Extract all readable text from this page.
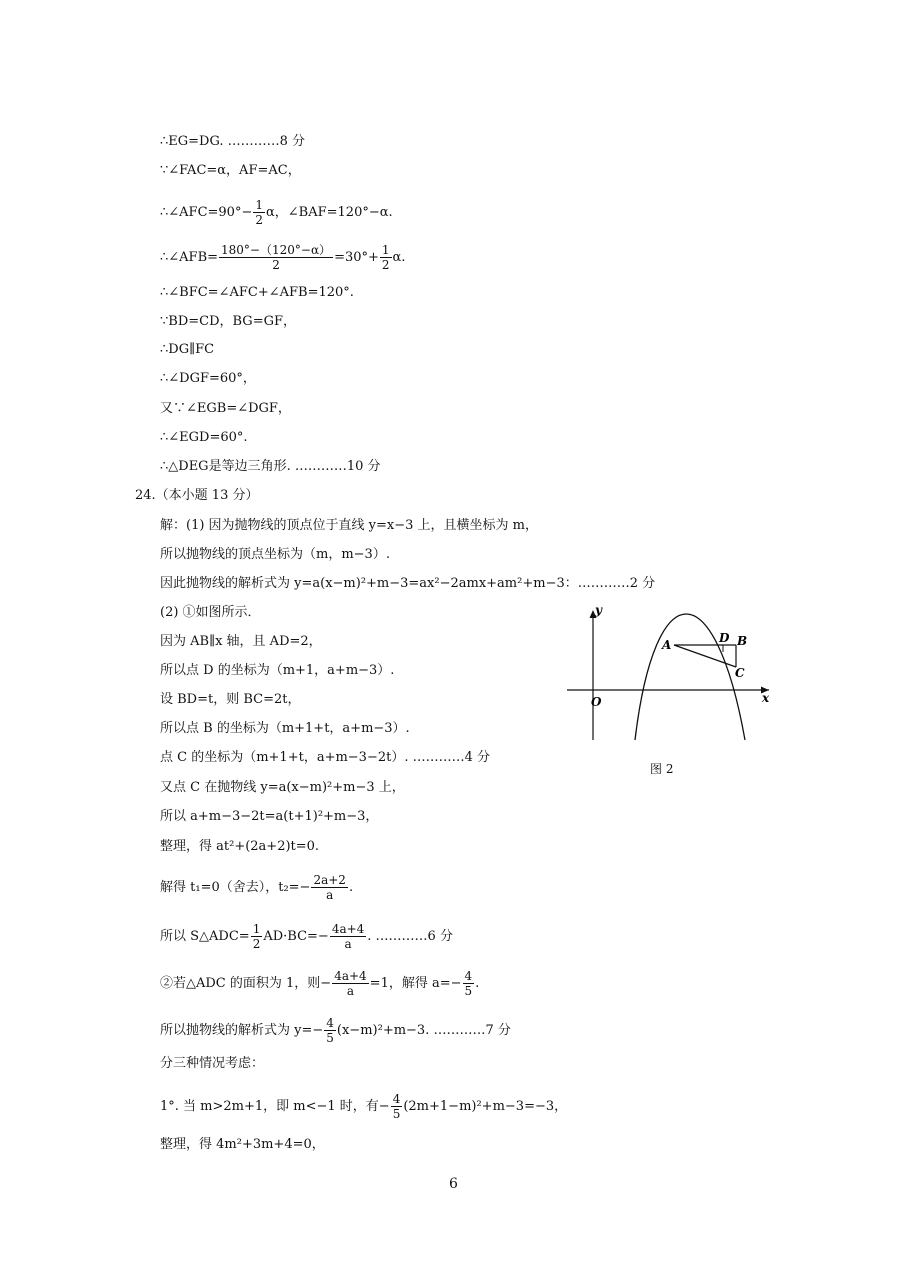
∴EG=DG. …………8 分
∵∠FAC=α，AF=AC，
∴∠AFC=90°− $\frac{1}{2}$ α，∠BAF=120°−α.
∴∠AFB= $\frac{180^\circ-(120^\circ-\alpha)}{2} =30^\circ+ \frac{1}{2} \alpha$.
∴∠BFC=∠AFC+∠AFB=120°.
∵BD=CD，BG=GF，
∴DG∥FC
∴∠DGF=60°，
又∵∠EGB=∠DGF，
∴∠EGD=60°.
∴△DEG是等边三角形. …………10 分
24.（本小题 13 分）
解：(1) 因为抛物线的顶点位于直线 y=x−3 上，且横坐标为 m，
所以抛物线的顶点坐标为（m，m−3）.
因此抛物线的解析式为 y=a(x−m)²+m−3=ax²−2amx+am²+m−3：…………2 分
(2) ①如图所示．
因为 AB∥x 轴，且 AD=2，
所以点 D 的坐标为（m+1，a+m−3）.
设 BD=t，则 BC=2t，
所以点 B 的坐标为（m+1+t，a+m−3）.
点 C 的坐标为（m+1+t，a+m−3−2t）. …………4 分
又点 C 在抛物线 y=a(x−m)²+m−3 上，
所以 a+m−3−2t=a(t+1)²+m−3，
整理，得 at²+(2a+2)t=0.
解得 t₁=0（舍去），$t_2=- \frac{2a+2}{a}$ .
所以 S△ADC= $\frac{1}{2} AD\cdot BC=- \frac{4a+4}{a}$ . …………6 分
②若△ADC 的面积为 1，则− $\frac{4a+4}{a} =1$，解得 $a=- \frac{4}{5}$ .
所以抛物线的解析式为 $y=- \frac{4}{5} (x-m)^2+m-3$. …………7 分
分三种情况考虑：
1°. 当 m>2m+1，即 m<−1 时，有− $\frac{4}{5} (2m+1-m)^2+m-3=-3$，
整理，得 4m²+3m+4=0，
y
x
O
A	D B
C
图 2
6
